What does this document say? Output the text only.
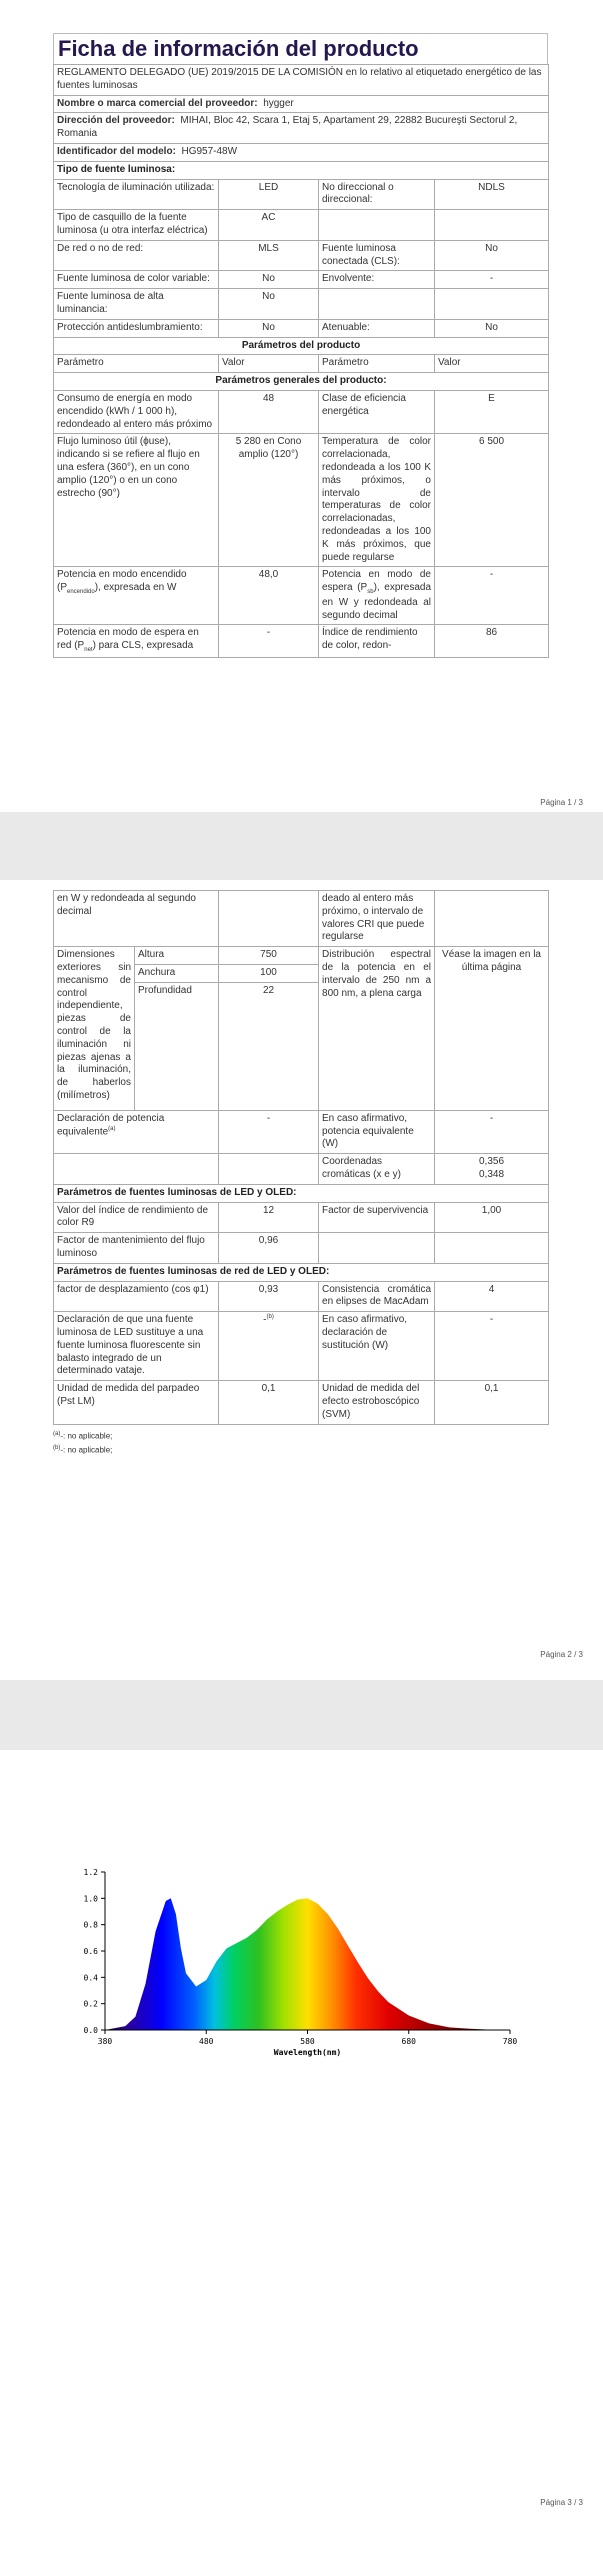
Ficha de información del producto
REGLAMENTO DELEGADO (UE) 2019/2015 DE LA COMISIÓN en lo relativo al etiquetado energético de las fuentes luminosas			
Nombre o marca comercial del proveedor: hygger			
Dirección del proveedor: MIHAI, Bloc 42, Scara 1, Etaj 5, Apartament 29, 22882 Bucureşti Sectorul 2, Romania			
Identificador del modelo: HG957-48W			
Tipo de fuente luminosa:			
Tecnología de iluminación utilizada:	LED	No direccional o direccional:	NDLS
Tipo de casquillo de la fuente luminosa (u otra interfaz eléctrica)	AC		
De red o no de red:	MLS	Fuente luminosa conectada (CLS):	No
Fuente luminosa de color variable:	No	Envolvente:	-
Fuente luminosa de alta luminancia:	No		
Protección antideslumbramiento:	No	Atenuable:	No
Parámetros del producto			
Parámetro	Valor	Parámetro	Valor
Parámetros generales del producto:			
Consumo de energía en modo encendido (kWh / 1 000 h), redondeado al entero más próximo	48	Clase de eficiencia energética	E
Flujo luminoso útil (ϕuse), indicando si se refiere al flujo en una esfera (360°), en un cono amplio (120°) o en un cono estrecho (90°)	5 280 en Cono amplio (120°)	Temperatura de color correlacionada, redondeada a los 100 K más próximos, o intervalo de temperaturas de color correlacionadas, redondeadas a los 100 K más próximos, que puede regularse	6 500
Potencia en modo encendido $(P_{encendido})$, expresada en W	48,0	Potencia en modo de espera $(P_{sb})$, expresada en W y redondeada al segundo decimal	-
Potencia en modo de espera en red $(P_{net})$ para CLS, expresada	-	Índice de rendimiento de color, redon-	86
Página 1 / 3
en W y redondeada al segundo decimal			deado al entero más próximo, o intervalo de valores CRI que puede regularse	
Dimensiones exteriores sin mecanismo de control independiente, piezas de control de la iluminación ni piezas ajenas a la iluminación, de haberlos (milímetros)	Altura	750	Distribución espectral de la potencia en el intervalo de 250 nm a 800 nm, a plena carga	Véase la imagen en la última página
	Anchura	100		
	Profundidad	22		
Declaración de potencia equivalente$^{(a)}$		-	En caso afirmativo, potencia equivalente (W)	-
			Coordenadas cromáticas (x e y)	0,356
0,348
Parámetros de fuentes luminosas de LED y OLED:				
Valor del índice de rendimiento de color R9		12	Factor de supervivencia	1,00
Factor de mantenimiento del flujo luminoso		0,96		
Parámetros de fuentes luminosas de red de LED y OLED:				
factor de desplazamiento (cos φ1)		0,93	Consistencia cromática en elipses de MacAdam	4
Declaración de que una fuente luminosa de LED sustituye a una fuente luminosa fluorescente sin balasto integrado de un determinado vataje.		-$^{(b)}$	En caso afirmativo, declaración de sustitución (W)	-
Unidad de medida del parpadeo (Pst LM)		0,1	Unidad de medida del efecto estroboscópico (SVM)	0,1
$^{(a)}$-: no aplicable;
$^{(b)}$-: no aplicable;
Página 2 / 3
380	480	580	680	780
0.0
0.2
0.4
0.6
0.8
1.0
1.2
Wavelength(nm)
Página 3 / 3
